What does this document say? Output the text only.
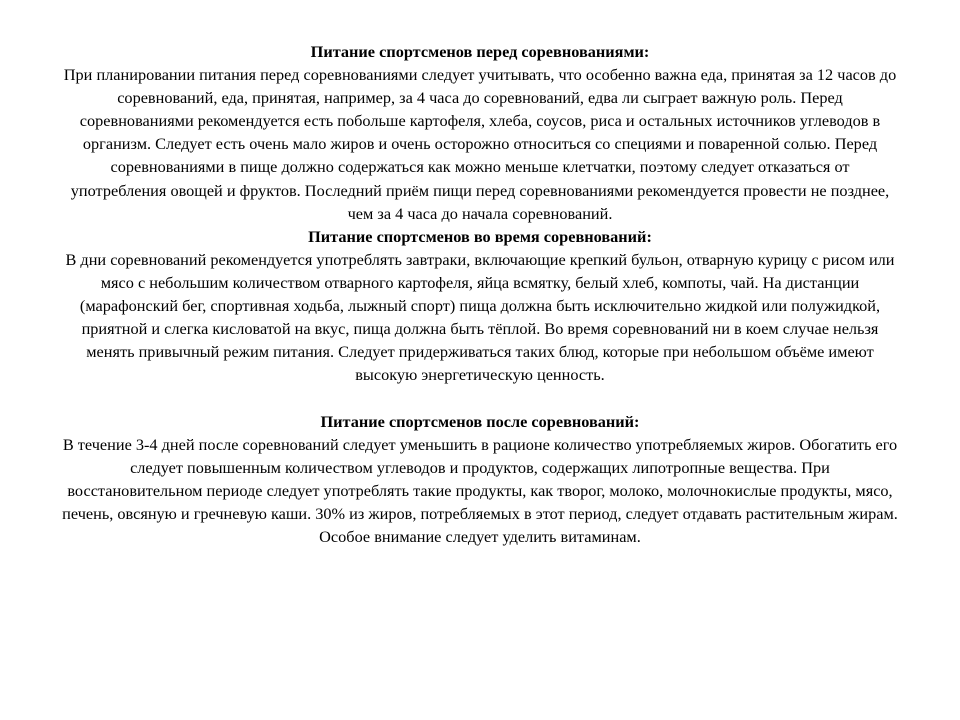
Питание спортсменов перед соревнованиями:
При планировании питания перед соревнованиями следует учитывать, что особенно важна еда, принятая за 12 часов до соревнований, еда, принятая, например, за 4 часа до соревнований, едва ли сыграет важную роль. Перед соревнованиями рекомендуется есть побольше картофеля, хлеба, соусов, риса и остальных источников углеводов в организм. Следует есть очень мало жиров и очень осторожно относиться со специями и поваренной солью. Перед соревнованиями в пище должно содержаться как можно меньше клетчатки, поэтому следует отказаться от употребления овощей и фруктов. Последний приём пищи перед соревнованиями рекомендуется провести не позднее, чем за 4 часа до начала соревнований.
Питание спортсменов во время соревнований:
В дни соревнований рекомендуется употреблять завтраки, включающие крепкий бульон, отварную курицу с рисом или мясо с небольшим количеством отварного картофеля, яйца всмятку, белый хлеб, компоты, чай. На дистанции (марафонский бег, спортивная ходьба, лыжный спорт) пища должна быть исключительно жидкой или полужидкой, приятной и слегка кисловатой на вкус, пища должна быть тёплой. Во время соревнований ни в коем случае нельзя менять привычный режим питания. Следует придерживаться таких блюд, которые при небольшом объёме имеют высокую энергетическую ценность.
Питание спортсменов после соревнований:
В течение 3-4 дней после соревнований следует уменьшить в рационе количество употребляемых жиров. Обогатить его следует повышенным количеством углеводов и продуктов, содержащих липотропные вещества. При восстановительном периоде следует употреблять такие продукты, как творог, молоко, молочнокислые продукты, мясо, печень, овсяную и гречневую каши. 30% из жиров, потребляемых в этот период, следует отдавать растительным жирам. Особое внимание следует уделить витаминам.
